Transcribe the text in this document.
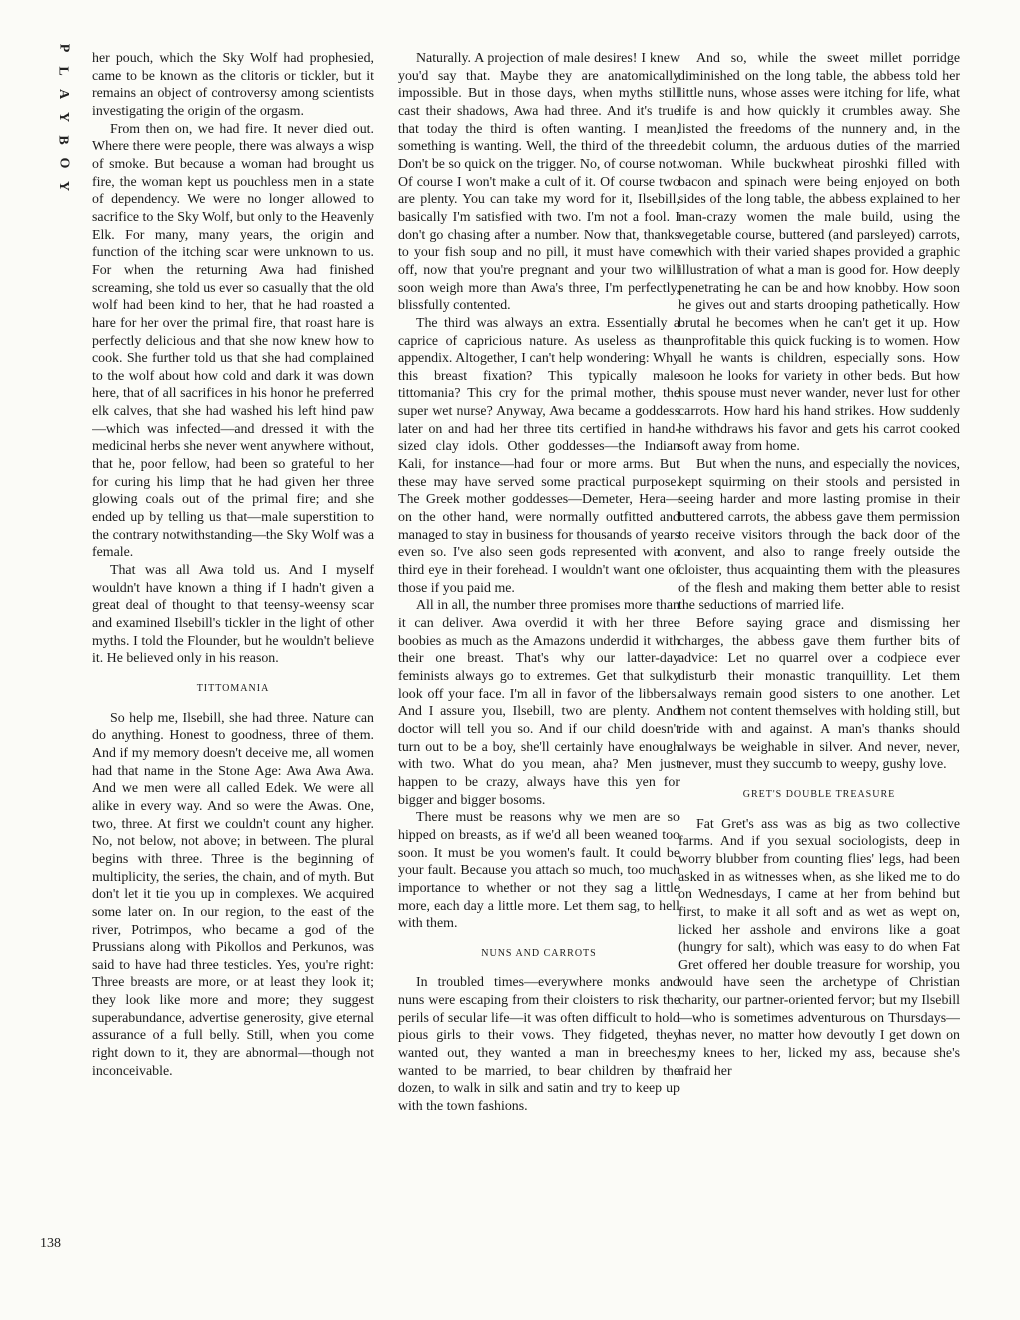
P
L
A
Y
B
O
Y
138

her pouch, which the Sky Wolf had prophesied, came to be known as the clitoris or tickler, but it remains an object of controversy among scientists investigating the origin of the orgasm.

From then on, we had fire. It never died out. Where there were people, there was always a wisp of smoke. But because a woman had brought us fire, the woman kept us pouchless men in a state of dependency. We were no longer allowed to sacrifice to the Sky Wolf, but only to the Heavenly Elk. For many, many years, the origin and function of the itching scar were unknown to us. For when the returning Awa had finished screaming, she told us ever so casually that the old wolf had been kind to her, that he had roasted a hare for her over the primal fire, that roast hare is perfectly delicious and that she now knew how to cook. She further told us that she had complained to the wolf about how cold and dark it was down here, that of all sacrifices in his honor he preferred elk calves, that she had washed his left hind paw—which was infected—and dressed it with the medicinal herbs she never went anywhere without, that he, poor fellow, had been so grateful to her for curing his limp that he had given her three glowing coals out of the primal fire; and she ended up by telling us that—male superstition to the contrary notwithstanding—the Sky Wolf was a female.

That was all Awa told us. And I myself wouldn't have known a thing if I hadn't given a great deal of thought to that teensy-weensy scar and examined Ilsebill's tickler in the light of other myths. I told the Flounder, but he wouldn't believe it. He believed only in his reason.

TITTOMANIA

So help me, Ilsebill, she had three. Nature can do anything. Honest to goodness, three of them. And if my memory doesn't deceive me, all women had that name in the Stone Age: Awa Awa Awa. And we men were all called Edek. We were all alike in every way. And so were the Awas. One, two, three. At first we couldn't count any higher. No, not below, not above; in between. The plural begins with three. Three is the beginning of multiplicity, the series, the chain, and of myth. But don't let it tie you up in complexes. We acquired some later on. In our region, to the east of the river, Potrimpos, who became a god of the Prussians along with Pikollos and Perkunos, was said to have had three testicles. Yes, you're right: Three breasts are more, or at least they look it; they look like more and more; they suggest superabundance, advertise generosity, give eternal assurance of a full belly. Still, when you come right down to it, they are abnormal—though not inconceivable.

Naturally. A projection of male desires! I knew you'd say that. Maybe they are anatomically impossible. But in those days, when myths still cast their shadows, Awa had three. And it's true that today the third is often wanting. I mean, something is wanting. Well, the third of the three. Don't be so quick on the trigger. No, of course not. Of course I won't make a cult of it. Of course two are plenty. You can take my word for it, Ilsebill, basically I'm satisfied with two. I'm not a fool. I don't go chasing after a number. Now that, thanks to your fish soup and no pill, it must have come off, now that you're pregnant and your two will soon weigh more than Awa's three, I'm perfectly, blissfully contented.

The third was always an extra. Essentially a caprice of capricious nature. As useless as the appendix. Altogether, I can't help wondering: Why this breast fixation? This typically male tittomania? This cry for the primal mother, the super wet nurse? Anyway, Awa became a goddess later on and had her three tits certified in hand-sized clay idols. Other goddesses—the Indian Kali, for instance—had four or more arms. But these may have served some practical purpose. The Greek mother goddesses—Demeter, Hera—on the other hand, were normally outfitted and managed to stay in business for thousands of years even so. I've also seen gods represented with a third eye in their forehead. I wouldn't want one of those if you paid me.

All in all, the number three promises more than it can deliver. Awa overdid it with her three boobies as much as the Amazons underdid it with their one breast. That's why our latter-day feminists always go to extremes. Get that sulky look off your face. I'm all in favor of the libbers. And I assure you, Ilsebill, two are plenty. And doctor will tell you so. And if our child doesn't turn out to be a boy, she'll certainly have enough with two. What do you mean, aha? Men just happen to be crazy, always have this yen for bigger and bigger bosoms.

There must be reasons why we men are so hipped on breasts, as if we'd all been weaned too soon. It must be you women's fault. It could be your fault. Because you attach so much, too much importance to whether or not they sag a little more, each day a little more. Let them sag, to hell with them.

NUNS AND CARROTS

In troubled times—everywhere monks and nuns were escaping from their cloisters to risk the perils of secular life—it was often difficult to hold pious girls to their vows. They fidgeted, they wanted out, they wanted a man in breeches, wanted to be married, to bear children by the dozen, to walk in silk and satin and try to keep up with the town fashions.

And so, while the sweet millet porridge diminished on the long table, the abbess told her little nuns, whose asses were itching for life, what life is and how quickly it crumbles away. She listed the freedoms of the nunnery and, in the debit column, the arduous duties of the married woman. While buckwheat piroshki filled with bacon and spinach were being enjoyed on both sides of the long table, the abbess explained to her man-crazy women the male build, using the vegetable course, buttered (and parsleyed) carrots, which with their varied shapes provided a graphic illustration of what a man is good for. How deeply penetrating he can be and how knobby. How soon he gives out and starts drooping pathetically. How brutal he becomes when he can't get it up. How unprofitable this quick fucking is to women. How all he wants is children, especially sons. How soon he looks for variety in other beds. But how his spouse must never wander, never lust for other carrots. How hard his hand strikes. How suddenly he withdraws his favor and gets his carrot cooked soft away from home.

But when the nuns, and especially the novices, kept squirming on their stools and persisted in seeing harder and more lasting promise in their buttered carrots, the abbess gave them permission to receive visitors through the back door of the convent, and also to range freely outside the cloister, thus acquainting them with the pleasures of the flesh and making them better able to resist the seductions of married life.

Before saying grace and dismissing her charges, the abbess gave them further bits of advice: Let no quarrel over a codpiece ever disturb their monastic tranquillity. Let them always remain good sisters to one another. Let them not content themselves with holding still, but ride with and against. A man's thanks should always be weighable in silver. And never, never, never, must they succumb to weepy, gushy love.

GRET'S DOUBLE TREASURE

Fat Gret's ass was as big as two collective farms. And if you sexual sociologists, deep in worry blubber from counting flies' legs, had been asked in as witnesses when, as she liked me to do on Wednesdays, I came at her from behind but first, to make it all soft and as wet as wept on, licked her asshole and environs like a goat (hungry for salt), which was easy to do when Fat Gret offered her double treasure for worship, you would have seen the archetype of Christian charity, our partner-oriented fervor; but my Ilsebill—who is sometimes adventurous on Thursdays—has never, no matter how devoutly I get down on my knees to her, licked my ass, because she's afraid her
